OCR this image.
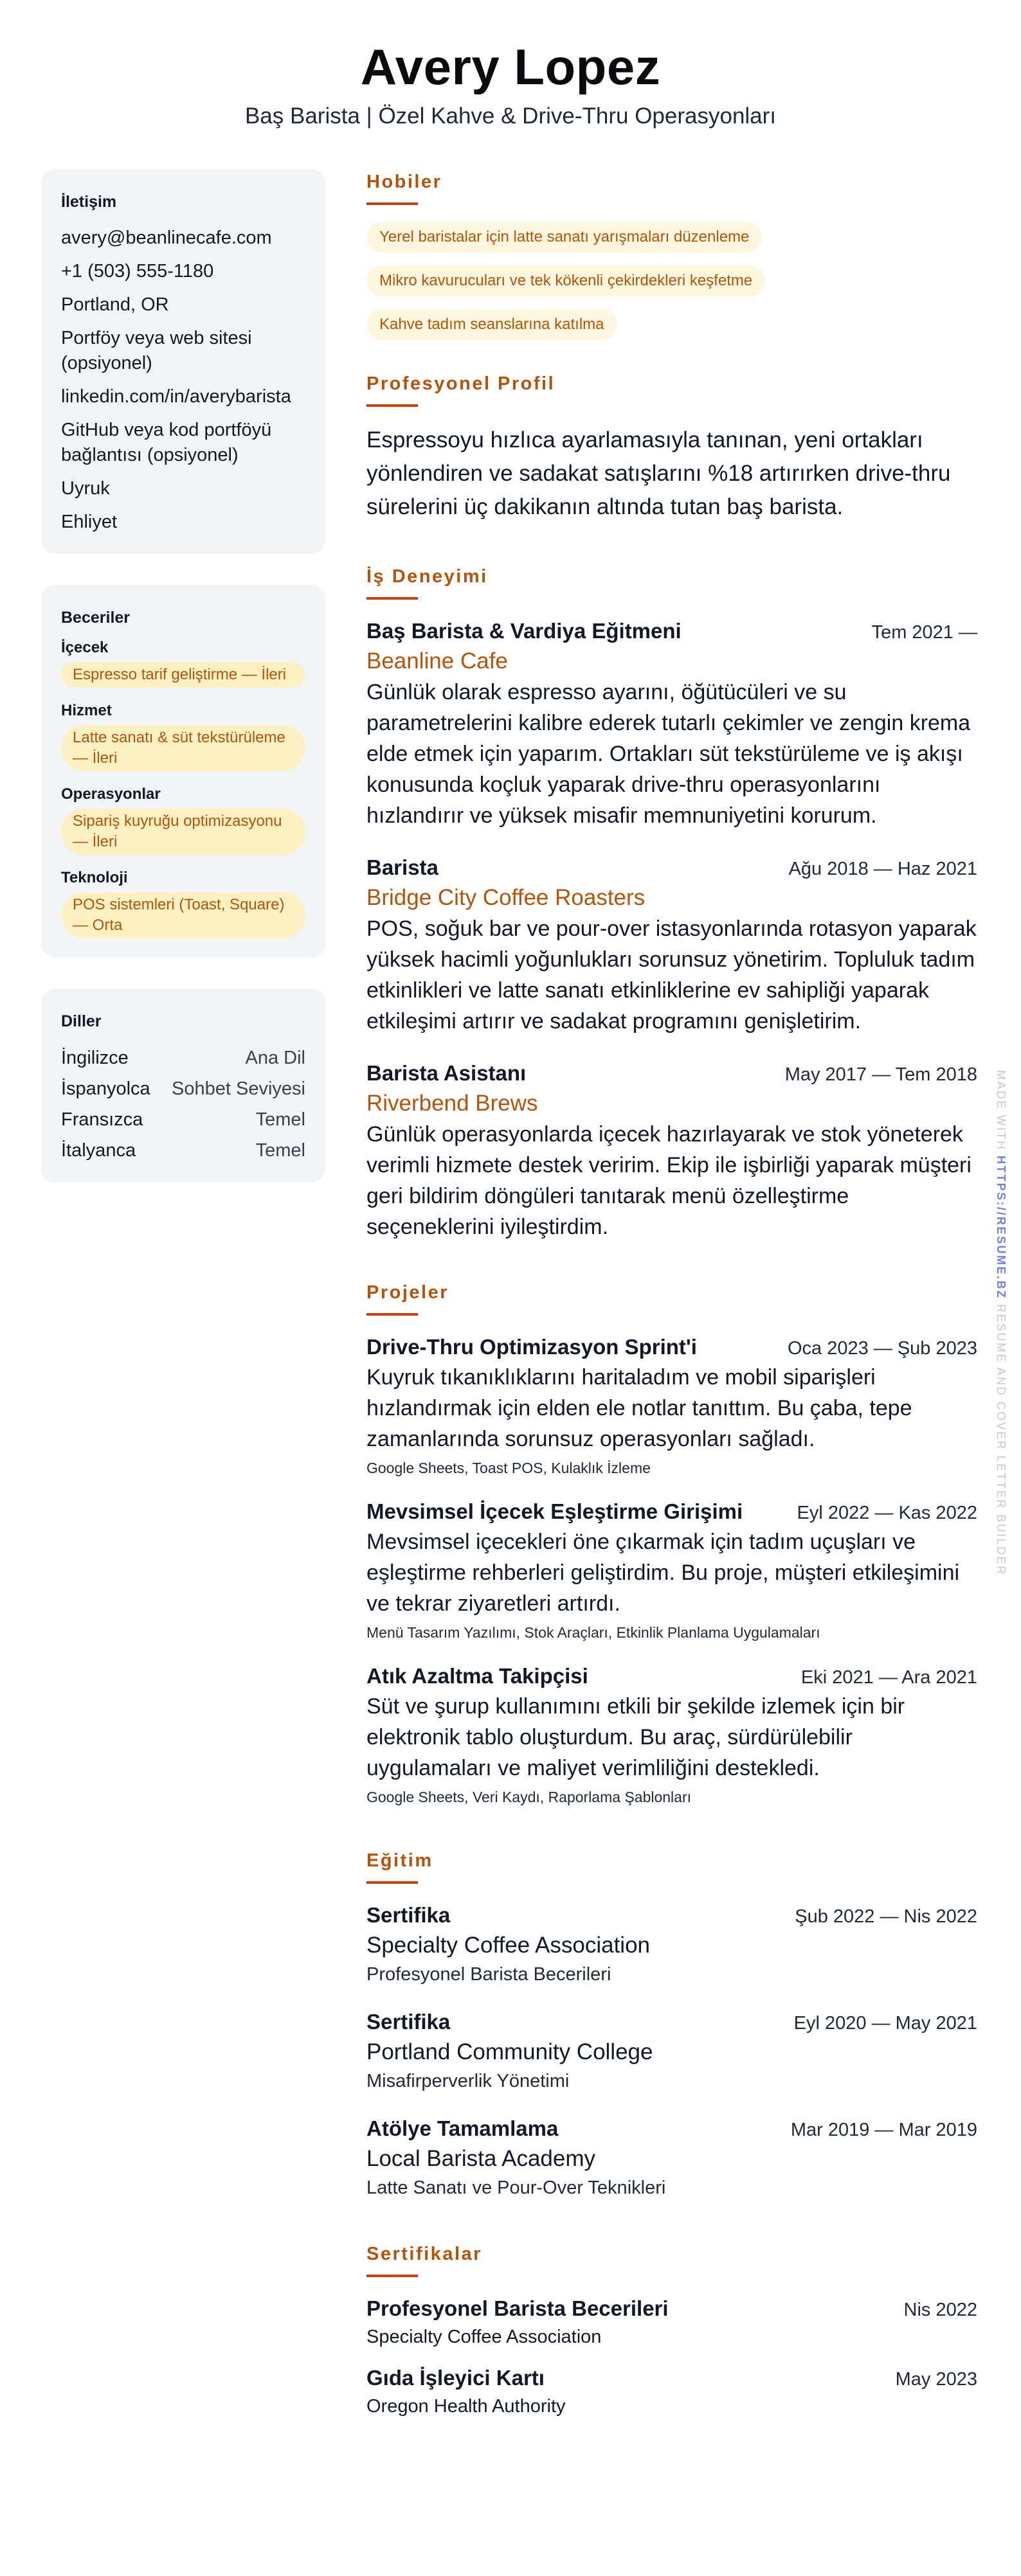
Avery Lopez
Baş Barista | Özel Kahve & Drive-Thru Operasyonları
İletişim
avery@beanlinecafe.com
+1 (503) 555-1180
Portland, OR
Portföy veya web sitesi (opsiyonel)
linkedin.com/in/averybarista
GitHub veya kod portföyü bağlantısı (opsiyonel)
Uyruk
Ehliyet
Beceriler
İçecek
Espresso tarif geliştirme — İleri
Hizmet
Latte sanatı & süt tekstürüleme — İleri
Operasyonlar
Sipariş kuyruğu optimizasyonu — İleri
Teknoloji
POS sistemleri (Toast, Square) — Orta
Diller
İngilizce	Ana Dil
İspanyolca Sohbet Seviyesi
Fransızca	Temel
İtalyanca	Temel
Hobiler
Yerel baristalar için latte sanatı yarışmaları düzenleme
Mikro kavurucuları ve tek kökenli çekirdekleri keşfetme
Kahve tadım seanslarına katılma
Profesyonel Profil
Espressoyu hızlıca ayarlamasıyla tanınan, yeni ortakları yönlendiren ve sadakat satışlarını %18 artırırken drive-thru sürelerini üç dakikanın altında tutan baş barista.
İş Deneyimi
Baş Barista & Vardiya Eğitmeni	Tem 2021 —
Beanline Cafe
Günlük olarak espresso ayarını, öğütücüleri ve su parametrelerini kalibre ederek tutarlı çekimler ve zengin krema elde etmek için yaparım. Ortakları süt tekstürüleme ve iş akışı konusunda koçluk yaparak drive-thru operasyonlarını hızlandırır ve yüksek misafir memnuniyetini korurum.
Barista	Ağu 2018 — Haz 2021
Bridge City Coffee Roasters
POS, soğuk bar ve pour-over istasyonlarında rotasyon yaparak yüksek hacimli yoğunlukları sorunsuz yönetirim. Topluluk tadım etkinlikleri ve latte sanatı etkinliklerine ev sahipliği yaparak etkileşimi artırır ve sadakat programını genişletirim.
Barista Asistanı	May 2017 — Tem 2018
Riverbend Brews
Günlük operasyonlarda içecek hazırlayarak ve stok yöneterek verimli hizmete destek veririm. Ekip ile işbirliği yaparak müşteri geri bildirim döngüleri tanıtarak menü özelleştirme seçeneklerini iyileştirdim.
Projeler
Drive-Thru Optimizasyon Sprint'i	Oca 2023 — Şub 2023
Kuyruk tıkanıklıklarını haritaladım ve mobil siparişleri hızlandırmak için elden ele notlar tanıttım. Bu çaba, tepe zamanlarında sorunsuz operasyonları sağladı.
Google Sheets, Toast POS, Kulaklık İzleme
Mevsimsel İçecek Eşleştirme Girişimi	Eyl 2022 — Kas 2022
Mevsimsel içecekleri öne çıkarmak için tadım uçuşları ve eşleştirme rehberleri geliştirdim. Bu proje, müşteri etkileşimini ve tekrar ziyaretleri artırdı.
Menü Tasarım Yazılımı, Stok Araçları, Etkinlik Planlama Uygulamaları
Atık Azaltma Takipçisi	Eki 2021 — Ara 2021
Süt ve şurup kullanımını etkili bir şekilde izlemek için bir elektronik tablo oluşturdum. Bu araç, sürdürülebilir uygulamaları ve maliyet verimliliğini destekledi.
Google Sheets, Veri Kaydı, Raporlama Şablonları
Eğitim
Sertifika	Şub 2022 — Nis 2022
Specialty Coffee Association
Profesyonel Barista Becerileri
Sertifika	Eyl 2020 — May 2021
Portland Community College
Misafirperverlik Yönetimi
Atölye Tamamlama	Mar 2019 — Mar 2019
Local Barista Academy
Latte Sanatı ve Pour-Over Teknikleri
Sertifikalar
Profesyonel Barista Becerileri	Nis 2022
Specialty Coffee Association
Gıda İşleyici Kartı	May 2023
Oregon Health Authority
MADE WITH HTTPS://RESUME.BZ RESUME AND COVER LETTER BUILDER
